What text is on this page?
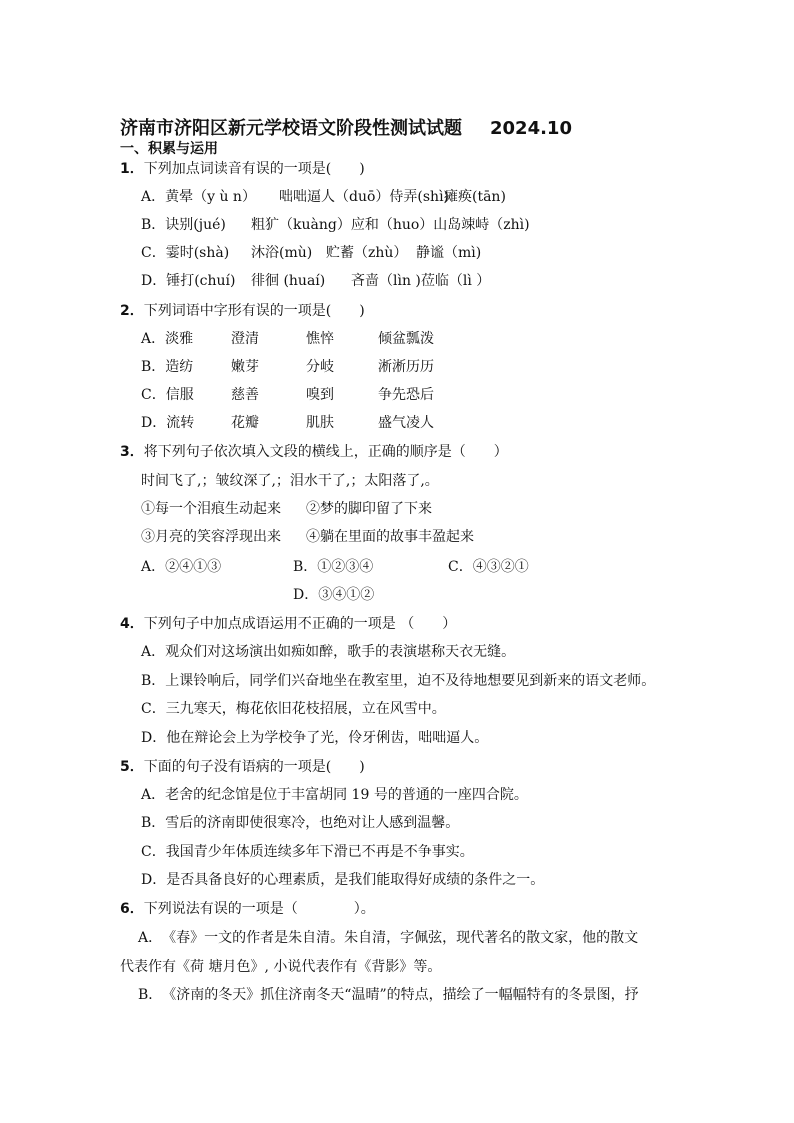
济南市济阳区新元学校语文阶段性测试试题 2024.10
一、积累与运用
1．下列加点词读音有误的一项是(　　)
A．黄晕（y ù n） 咄咄逼人（duō）侍弄(shì)瘫痪(tān)
B．诀别(jué) 粗犷（kuàng）应和（huo）山岛竦峙（zhì)
C．霎时(shà) 沐浴(mù) 贮蓄（zhù） 静谧（mì)
D．锤打(chuí) 徘徊 (huaí) 吝啬（lìn )莅临（lì ）
2．下列词语中字形有误的一项是(　　)
A．淡雅	澄清	憔悴	倾盆瓢泼
B．造纺	嫩芽	分岐	淅淅历历
C．信服	慈善	嗅到	争先恐后
D．流转	花瓣	肌肤	盛气凌人
3．将下列句子依次填入文段的横线上，正确的顺序是（　　）
时间飞了,；皱纹深了,；泪水干了,；太阳落了,。
①每一个泪痕生动起来 ②梦的脚印留了下来
③月亮的笑容浮现出来 ④躺在里面的故事丰盈起来
A．②④①③	B．①②③④	C．④③②①
D．③④①②
4．下列句子中加点成语运用不正确的一项是 （　　）
A．观众们对这场演出如痴如醉，歌手的表演堪称天衣无缝。
B．上课铃响后，同学们兴奋地坐在教室里，迫不及待地想要见到新来的语文老师。
C．三九寒天，梅花依旧花枝招展，立在风雪中。
D．他在辩论会上为学校争了光，伶牙俐齿，咄咄逼人。
5．下面的句子没有语病的一项是(　　)
A．老舍的纪念馆是位于丰富胡同 19 号的普通的一座四合院。
B．雪后的济南即使很寒冷，也绝对让人感到温馨。
C．我国青少年体质连续多年下滑已不再是不争事实。
D．是否具备良好的心理素质，是我们能取得好成绩的条件之一。
6．下列说法有误的一项是（　　　　）。
A．　《春》一文的作者是朱自清。朱自清，字佩弦，现代著名的散文家，他的散文
代表作有《荷 塘月色》, 小说代表作有《背影》等。
B．　《济南的冬天》抓住济南冬天“温晴”的特点，描绘了一幅幅特有的冬景图，抒
